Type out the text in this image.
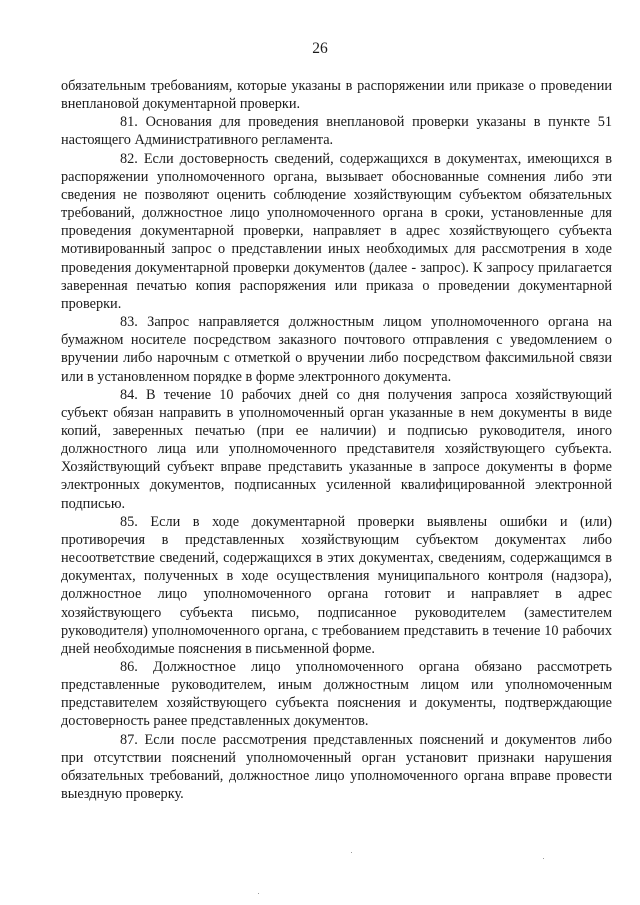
26

обязательным требованиям, которые указаны в распоряжении или приказе о проведении внеплановой документарной проверки.

81. Основания для проведения внеплановой проверки указаны в пункте 51 настоящего Административного регламента.

82. Если достоверность сведений, содержащихся в документах, имеющихся в распоряжении уполномоченного органа, вызывает обоснованные сомнения либо эти сведения не позволяют оценить соблюдение хозяйствующим субъектом обязательных требований, должностное лицо уполномоченного органа в сроки, установленные для проведения документарной проверки, направляет в адрес хозяйствующего субъекта мотивированный запрос о представлении иных необходимых для рассмотрения в ходе проведения документарной проверки документов (далее - запрос). К запросу прилагается заверенная печатью копия распоряжения или приказа о проведении документарной проверки.

83. Запрос направляется должностным лицом уполномоченного органа на бумажном носителе посредством заказного почтового отправления с уведомлением о вручении либо нарочным с отметкой о вручении либо посредством факсимильной связи или в установленном порядке в форме электронного документа.

84. В течение 10 рабочих дней со дня получения запроса хозяйствующий субъект обязан направить в уполномоченный орган указанные в нем документы в виде копий, заверенных печатью (при ее наличии) и подписью руководителя, иного должностного лица или уполномоченного представителя хозяйствующего субъекта. Хозяйствующий субъект вправе представить указанные в запросе документы в форме электронных документов, подписанных усиленной квалифицированной электронной подписью.

85. Если в ходе документарной проверки выявлены ошибки и (или) противоречия в представленных хозяйствующим субъектом документах либо несоответствие сведений, содержащихся в этих документах, сведениям, содержащимся в документах, полученных в ходе осуществления муниципального контроля (надзора), должностное лицо уполномоченного органа готовит и направляет в адрес хозяйствующего субъекта письмо, подписанное руководителем (заместителем руководителя) уполномоченного органа, с требованием представить в течение 10 рабочих дней необходимые пояснения в письменной форме.

86. Должностное лицо уполномоченного органа обязано рассмотреть представленные руководителем, иным должностным лицом или уполномоченным представителем хозяйствующего субъекта пояснения и документы, подтверждающие достоверность ранее представленных документов.

87. Если после рассмотрения представленных пояснений и документов либо при отсутствии пояснений уполномоченный орган установит признаки нарушения обязательных требований, должностное лицо уполномоченного органа вправе провести выездную проверку.
